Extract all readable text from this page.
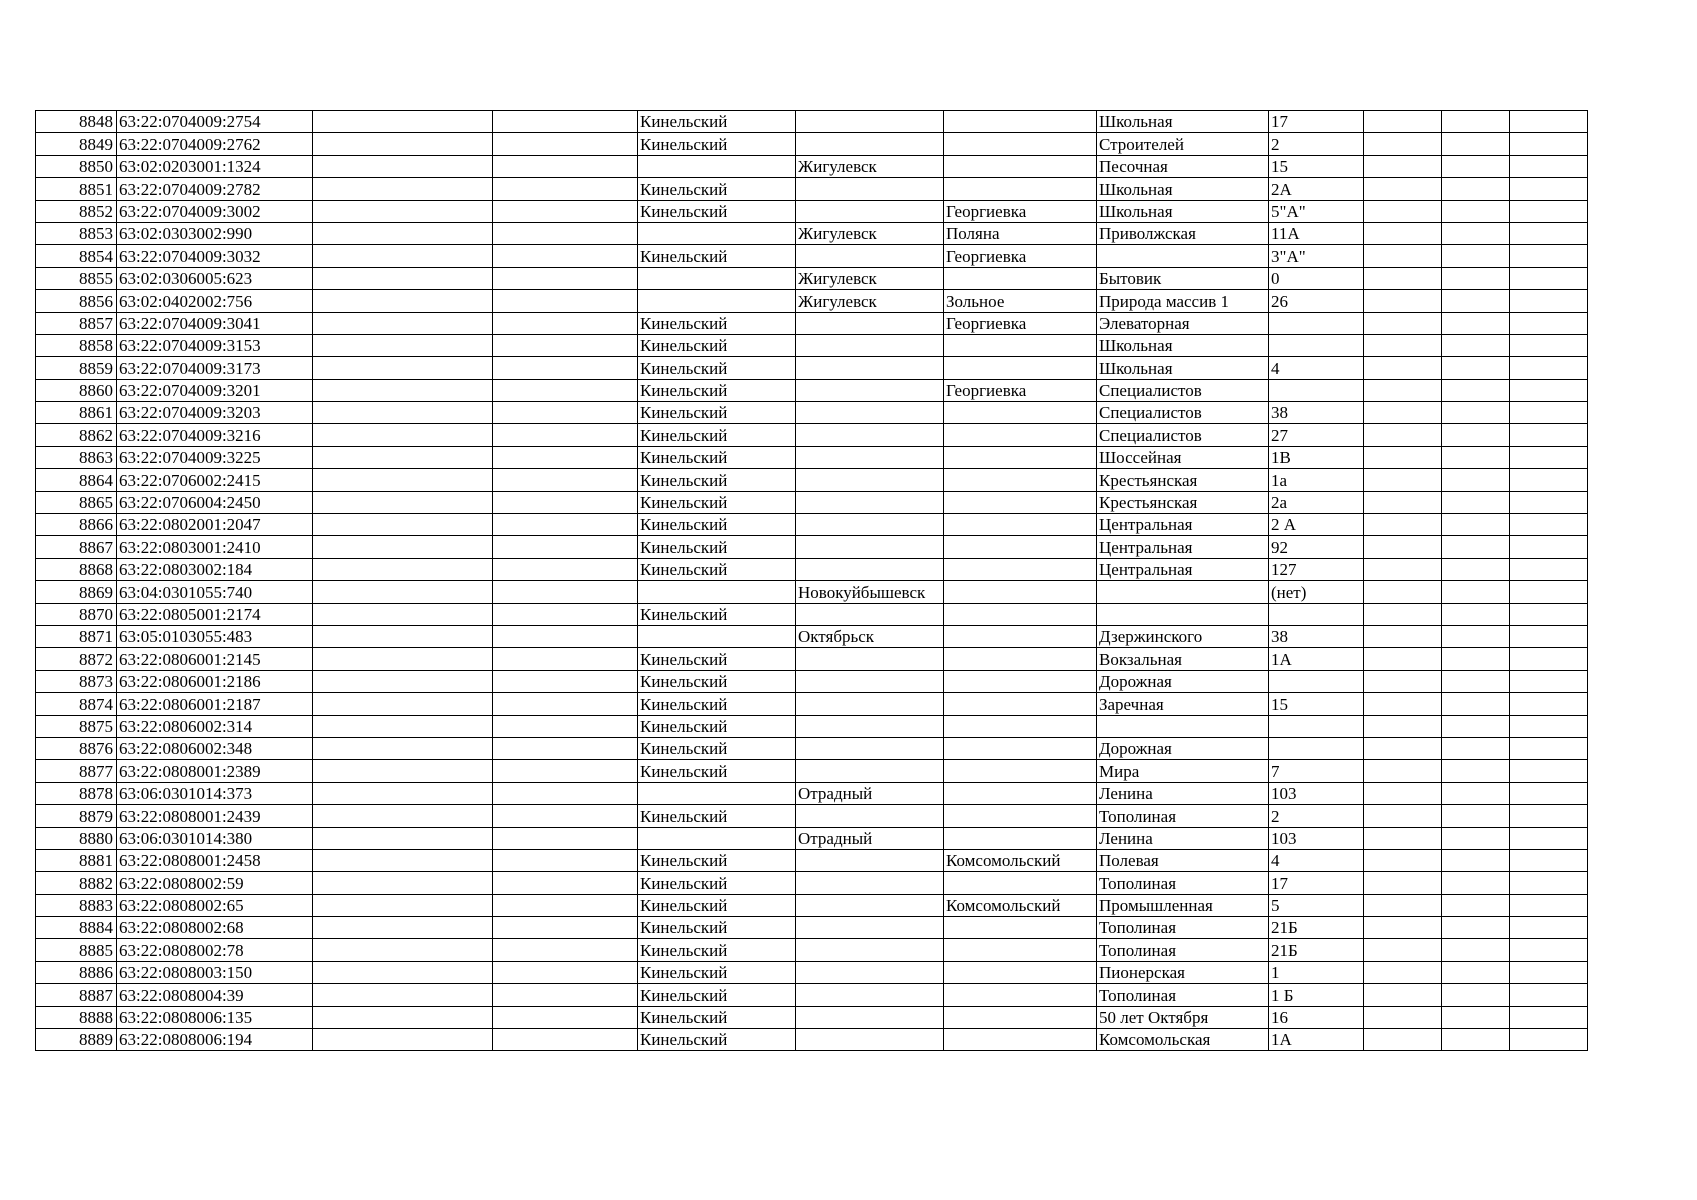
8848	63:22:0704009:2754			Кинельский			Школьная	17			
8849	63:22:0704009:2762			Кинельский			Строителей	2			
8850	63:02:0203001:1324				Жигулевск		Песочная	15			
8851	63:22:0704009:2782			Кинельский			Школьная	2А			
8852	63:22:0704009:3002			Кинельский		Георгиевка	Школьная	5"А"			
8853	63:02:0303002:990				Жигулевск	Поляна	Приволжская	11А			
8854	63:22:0704009:3032			Кинельский		Георгиевка		3"А"			
8855	63:02:0306005:623				Жигулевск		Бытовик	0			
8856	63:02:0402002:756				Жигулевск	Зольное	Природа массив 1	26			
8857	63:22:0704009:3041			Кинельский		Георгиевка	Элеваторная				
8858	63:22:0704009:3153			Кинельский			Школьная				
8859	63:22:0704009:3173			Кинельский			Школьная	4			
8860	63:22:0704009:3201			Кинельский		Георгиевка	Специалистов				
8861	63:22:0704009:3203			Кинельский			Специалистов	38			
8862	63:22:0704009:3216			Кинельский			Специалистов	27			
8863	63:22:0704009:3225			Кинельский			Шоссейная	1В			
8864	63:22:0706002:2415			Кинельский			Крестьянская	1а			
8865	63:22:0706004:2450			Кинельский			Крестьянская	2а			
8866	63:22:0802001:2047			Кинельский			Центральная	2 А			
8867	63:22:0803001:2410			Кинельский			Центральная	92			
8868	63:22:0803002:184			Кинельский			Центральная	127			
8869	63:04:0301055:740				Новокуйбышевск			(нет)			
8870	63:22:0805001:2174			Кинельский							
8871	63:05:0103055:483				Октябрьск		Дзержинского	38			
8872	63:22:0806001:2145			Кинельский			Вокзальная	1А			
8873	63:22:0806001:2186			Кинельский			Дорожная				
8874	63:22:0806001:2187			Кинельский			Заречная	15			
8875	63:22:0806002:314			Кинельский							
8876	63:22:0806002:348			Кинельский			Дорожная				
8877	63:22:0808001:2389			Кинельский			Мира	7			
8878	63:06:0301014:373				Отрадный		Ленина	103			
8879	63:22:0808001:2439			Кинельский			Тополиная	2			
8880	63:06:0301014:380				Отрадный		Ленина	103			
8881	63:22:0808001:2458			Кинельский		Комсомольский	Полевая	4			
8882	63:22:0808002:59			Кинельский			Тополиная	17			
8883	63:22:0808002:65			Кинельский		Комсомольский	Промышленная	5			
8884	63:22:0808002:68			Кинельский			Тополиная	21Б			
8885	63:22:0808002:78			Кинельский			Тополиная	21Б			
8886	63:22:0808003:150			Кинельский			Пионерская	1			
8887	63:22:0808004:39			Кинельский			Тополиная	1 Б			
8888	63:22:0808006:135			Кинельский			50 лет Октября	16			
8889	63:22:0808006:194			Кинельский			Комсомольская	1А			
